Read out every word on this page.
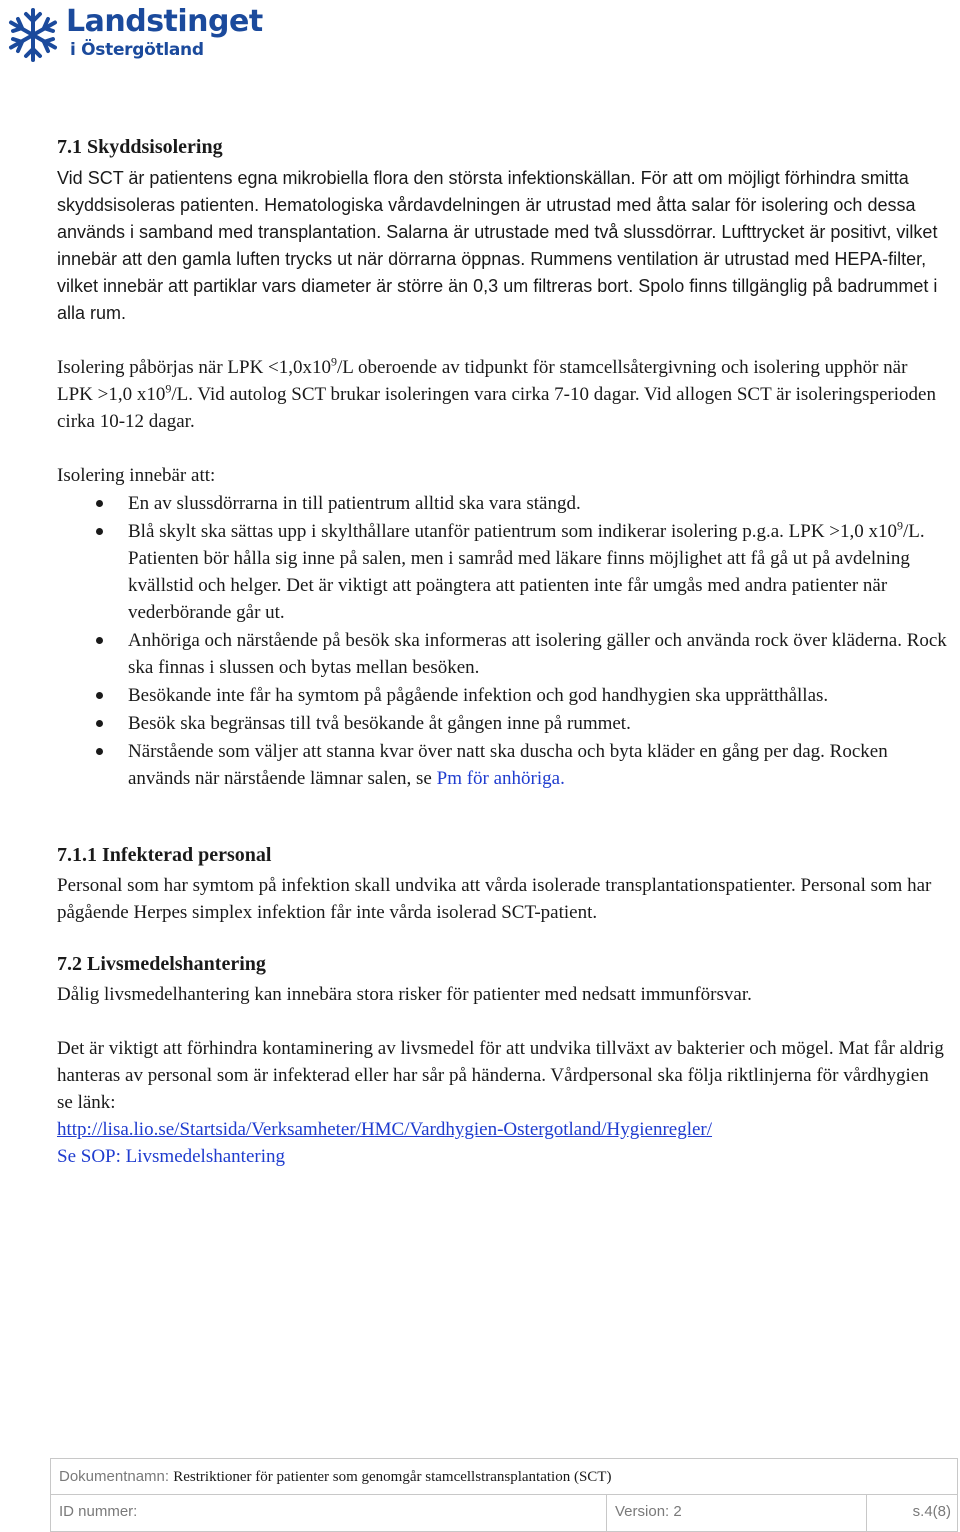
Landstinget
i Östergötland
7.1 Skyddsisolering

Vid SCT är patientens egna mikrobiella flora den största infektionskällan. För att om möjligt förhindra smitta skyddsisoleras patienten. Hematologiska vårdavdelningen är utrustad med åtta salar för isolering och dessa används i samband med transplantation. Salarna är utrustade med två slussdörrar. Lufttrycket är positivt, vilket innebär att den gamla luften trycks ut när dörrarna öppnas. Rummens ventilation är utrustad med HEPA-filter, vilket innebär att partiklar vars diameter är större än 0,3 um filtreras bort. Spolo finns tillgänglig på badrummet i alla rum.

Isolering påbörjas när LPK $<1,0x10^9/L$ oberoende av tidpunkt för stamcellsåtergivning och isolering upphör när LPK >1,0 $x10^9/L$. Vid autolog SCT brukar isoleringen vara cirka 7-10 dagar. Vid allogen SCT är isoleringsperioden cirka 10-12 dagar.

Isolering innebär att:

En av slussdörrarna in till patientrum alltid ska vara stängd.
Blå skylt ska sättas upp i skylthållare utanför patientrum som indikerar isolering p.g.a. LPK >1,0 $x10^9/L$. Patienten bör hålla sig inne på salen, men i samråd med läkare finns möjlighet att få gå ut på avdelning kvällstid och helger. Det är viktigt att poängtera att patienten inte får umgås med andra patienter när vederbörande går ut.
Anhöriga och närstående på besök ska informeras att isolering gäller och använda rock över kläderna. Rock ska finnas i slussen och bytas mellan besöken.
Besökande inte får ha symtom på pågående infektion och god handhygien ska upprätthållas.
Besök ska begränsas till två besökande åt gången inne på rummet.
Närstående som väljer att stanna kvar över natt ska duscha och byta kläder en gång per dag. Rocken används när närstående lämnar salen, se Pm för anhöriga.
7.1.1 Infekterad personal

Personal som har symtom på infektion skall undvika att vårda isolerade transplantationspatienter. Personal som har pågående Herpes simplex infektion får inte vårda isolerad SCT-patient.

7.2 Livsmedelshantering

Dålig livsmedelhantering kan innebära stora risker för patienter med nedsatt immunförsvar.

Det är viktigt att förhindra kontaminering av livsmedel för att undvika tillväxt av bakterier och mögel. Mat får aldrig hanteras av personal som är infekterad eller har sår på händerna. Vårdpersonal ska följa riktlinjerna för vårdhygien se länk:

http://lisa.lio.se/Startsida/Verksamheter/HMC/Vardhygien-Ostergotland/Hygienregler/

Se SOP: Livsmedelshantering

Dokumentnamn: Restriktioner för patienter som genomgår stamcellstransplantation (SCT)
ID nummer:	Version: 2	s.4(8)
